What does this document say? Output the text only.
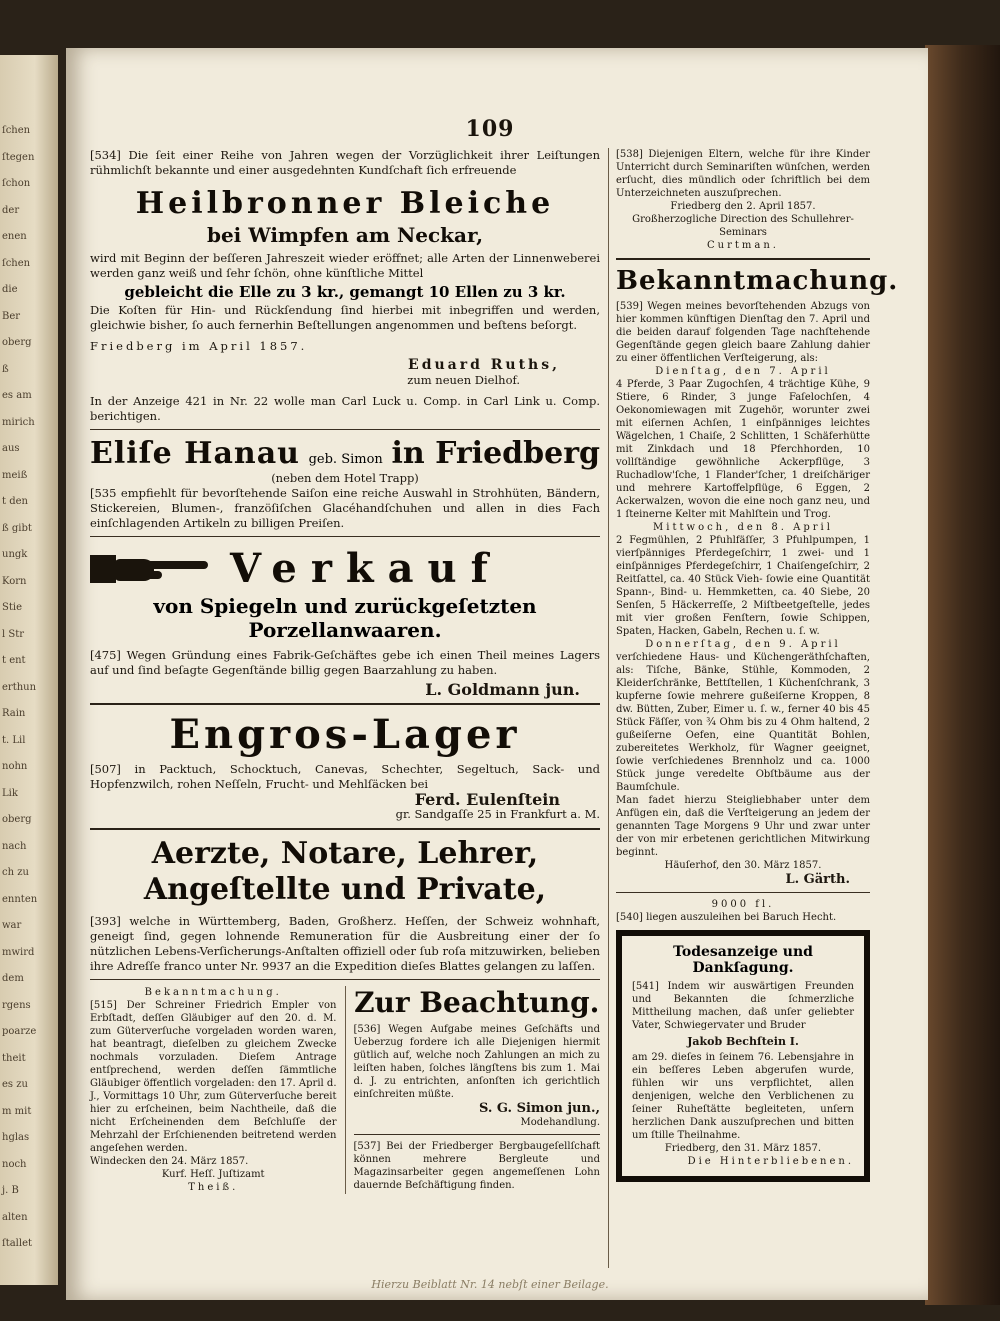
ſchen
ſtegen
ſchon
der
enen
ſchen
die
Ber
oberg
ß
es am
mirich
aus
meiß
t den
ß gibt
ungk
Korn
Stie
l Str
t ent
erthun
Rain
t. Lil
nohn
Lik
oberg
nach
ch zu
ennten
war
mwird
dem
rgens
poarze
theit
es zu
m mit
hglas
noch
j. B
alten
ſtallet
109

[534] Die ſeit einer Reihe von Jahren wegen der Vorzüglichkeit ihrer Leiſtungen rühmlichſt bekannte und einer ausgedehnten Kundſchaft ſich erfreuende

Heilbronner Bleiche
bei Wimpfen am Neckar,

wird mit Beginn der beſſeren Jahreszeit wieder eröffnet; alle Arten der Linnenweberei werden ganz weiß und ſehr ſchön, ohne künſtliche Mittel

gebleicht die Elle zu 3 kr., gemangt 10 Ellen zu 3 kr.

Die Koſten für Hin- und Rückſendung ſind hierbei mit inbegriffen und werden, gleichwie bisher, ſo auch fernerhin Beſtellungen angenommen und beſtens beſorgt.

Friedberg im April 1857.

Eduard Ruths,

zum neuen Dielhof.

In der Anzeige 421 in Nr. 22 wolle man Carl Luck u. Comp. in Carl Link u. Comp. berichtigen.

Eliſe Hanau geb. Simon in Friedberg

(neben dem Hotel Trapp)

[535 empfiehlt für bevorſtehende Saiſon eine reiche Auswahl in Strohhüten, Bändern, Stickereien, Blumen-, franzöſiſchen Glacéhandſchuhen und allen in dies Fach einſchlagenden Artikeln zu billigen Preiſen.

Verkauf
von Spiegeln und zurückgeſetzten Porzellanwaaren.

[475] Wegen Gründung eines Fabrik-Geſchäftes gebe ich einen Theil meines Lagers auf und ſind beſagte Gegenſtände billig gegen Baarzahlung zu haben.

L. Goldmann jun.

Engros-Lager

[507] in Packtuch, Schocktuch, Canevas, Schechter, Segeltuch, Sack- und Hopfenzwilch, rohen Neſſeln, Frucht- und Mehlſäcken bei

Ferd. Eulenſtein

gr. Sandgaſſe 25 in Frankfurt a. M.

Aerzte, Notare, Lehrer, Angeſtellte und Private,

[393] welche in Württemberg, Baden, Großherz. Heſſen, der Schweiz wohnhaft, geneigt ſind, gegen lohnende Remuneration für die Ausbreitung einer der ſo nützlichen Lebens-Verſicherungs-Anſtalten offiziell oder ſub roſa mitzuwirken, belieben ihre Adreſſe franco unter Nr. 9937 an die Expedition dieſes Blattes gelangen zu laſſen.

Bekanntmachung.

[515] Der Schreiner Friedrich Empler von Erbſtadt, deſſen Gläubiger auf den 20. d. M. zum Güterverſuche vorgeladen worden waren, hat beantragt, dieſelben zu gleichem Zwecke nochmals vorzuladen. Dieſem Antrage entſprechend, werden deſſen ſämmtliche Gläubiger öffentlich vorgeladen: den 17. April d. J., Vormittags 10 Uhr, zum Güterverſuche bereit hier zu erſcheinen, beim Nachtheile, daß die nicht Erſcheinenden dem Beſchluſſe der Mehrzahl der Erſchienenden beitretend werden angeſehen werden.

Windecken den 24. März 1857.

Kurf. Heſſ. Juſtizamt

Theiß.

Zur Beachtung.

[536] Wegen Aufgabe meines Geſchäfts und Ueberzug fordere ich alle Diejenigen hiermit gütlich auf, welche noch Zahlungen an mich zu leiſten haben, ſolches längſtens bis zum 1. Mai d. J. zu entrichten, anſonſten ich gerichtlich einſchreiten müßte.

S. G. Simon jun.,

Modehandlung.

[537] Bei der Friedberger Bergbaugeſellſchaft können mehrere Bergleute und Magazinsarbeiter gegen angemeſſenen Lohn dauernde Beſchäftigung finden.

[538] Diejenigen Eltern, welche für ihre Kinder Unterricht durch Seminariſten wünſchen, werden erſucht, dies mündlich oder ſchriftlich bei dem Unterzeichneten auszuſprechen.

Friedberg den 2. April 1857.

Großherzogliche Direction des Schullehrer-Seminars

Curtman.

Bekanntmachung.

[539] Wegen meines bevorſtehenden Abzugs von hier kommen künftigen Dienſtag den 7. April und die beiden darauf folgenden Tage nachſtehende Gegenſtände gegen gleich baare Zahlung dahier zu einer öffentlichen Verſteigerung, als:

Dienſtag, den 7. April

4 Pferde, 3 Paar Zugochſen, 4 trächtige Kühe, 9 Stiere, 6 Rinder, 3 junge Faſelochſen, 4 Oekonomiewagen mit Zugehör, worunter zwei mit eiſernen Achſen, 1 einſpänniges leichtes Wägelchen, 1 Chaiſe, 2 Schlitten, 1 Schäferhütte mit Zinkdach und 18 Pferchhorden, 10 vollſtändige gewöhnliche Ackerpflüge, 3 Ruchadlow'ſche, 1 Flander'ſcher, 1 dreiſchäriger und mehrere Kartoffelpflüge, 6 Eggen, 2 Ackerwalzen, wovon die eine noch ganz neu, und 1 ſteinerne Kelter mit Mahlſtein und Trog.

Mittwoch, den 8. April

2 Fegmühlen, 2 Pfuhlfäſſer, 3 Pfuhlpumpen, 1 vierſpänniges Pferdegeſchirr, 1 zwei- und 1 einſpänniges Pferdegeſchirr, 1 Chaiſengeſchirr, 2 Reitſattel, ca. 40 Stück Vieh- ſowie eine Quantität Spann-, Bind- u. Hemmketten, ca. 40 Siebe, 20 Senſen, 5 Häckerreſſe, 2 Miſtbeetgeſtelle, jedes mit vier großen Fenſtern, ſowie Schippen, Spaten, Hacken, Gabeln, Rechen u. ſ. w.

Donnerſtag, den 9. April

verſchiedene Haus- und Küchengeräthſchaften, als: Tiſche, Bänke, Stühle, Kommoden, 2 Kleiderſchränke, Bettſtellen, 1 Küchenſchrank, 3 kupferne ſowie mehrere gußeiſerne Kroppen, 8 dw. Bütten, Zuber, Eimer u. ſ. w., ferner 40 bis 45 Stück Fäſſer, von ¾ Ohm bis zu 4 Ohm haltend, 2 gußeiſerne Oefen, eine Quantität Bohlen, zubereitetes Werkholz, für Wagner geeignet, ſowie verſchiedenes Brennholz und ca. 1000 Stück junge veredelte Obſtbäume aus der Baumſchule.

Man fadet hierzu Steigliebhaber unter dem Anfügen ein, daß die Verſteigerung an jedem der genannten Tage Morgens 9 Uhr und zwar unter der von mir erbetenen gerichtlichen Mitwirkung beginnt.

Häuſerhof, den 30. März 1857.

L. Gärth.

9000 fl.

[540] liegen auszuleihen bei Baruch Hecht.

Todesanzeige und Dankſagung.

[541] Indem wir auswärtigen Freunden und Bekannten die ſchmerzliche Mittheilung machen, daß unſer geliebter Vater, Schwiegervater und Bruder

Jakob Bechſtein I.

am 29. dieſes in ſeinem 76. Lebensjahre in ein beſſeres Leben abgerufen wurde, fühlen wir uns verpflichtet, allen denjenigen, welche den Verblichenen zu ſeiner Ruheſtätte begleiteten, unſern herzlichen Dank auszuſprechen und bitten um ſtille Theilnahme.

Friedberg, den 31. März 1857.

Die Hinterbliebenen.

Hierzu Beiblatt Nr. 14 nebſt einer Beilage.
